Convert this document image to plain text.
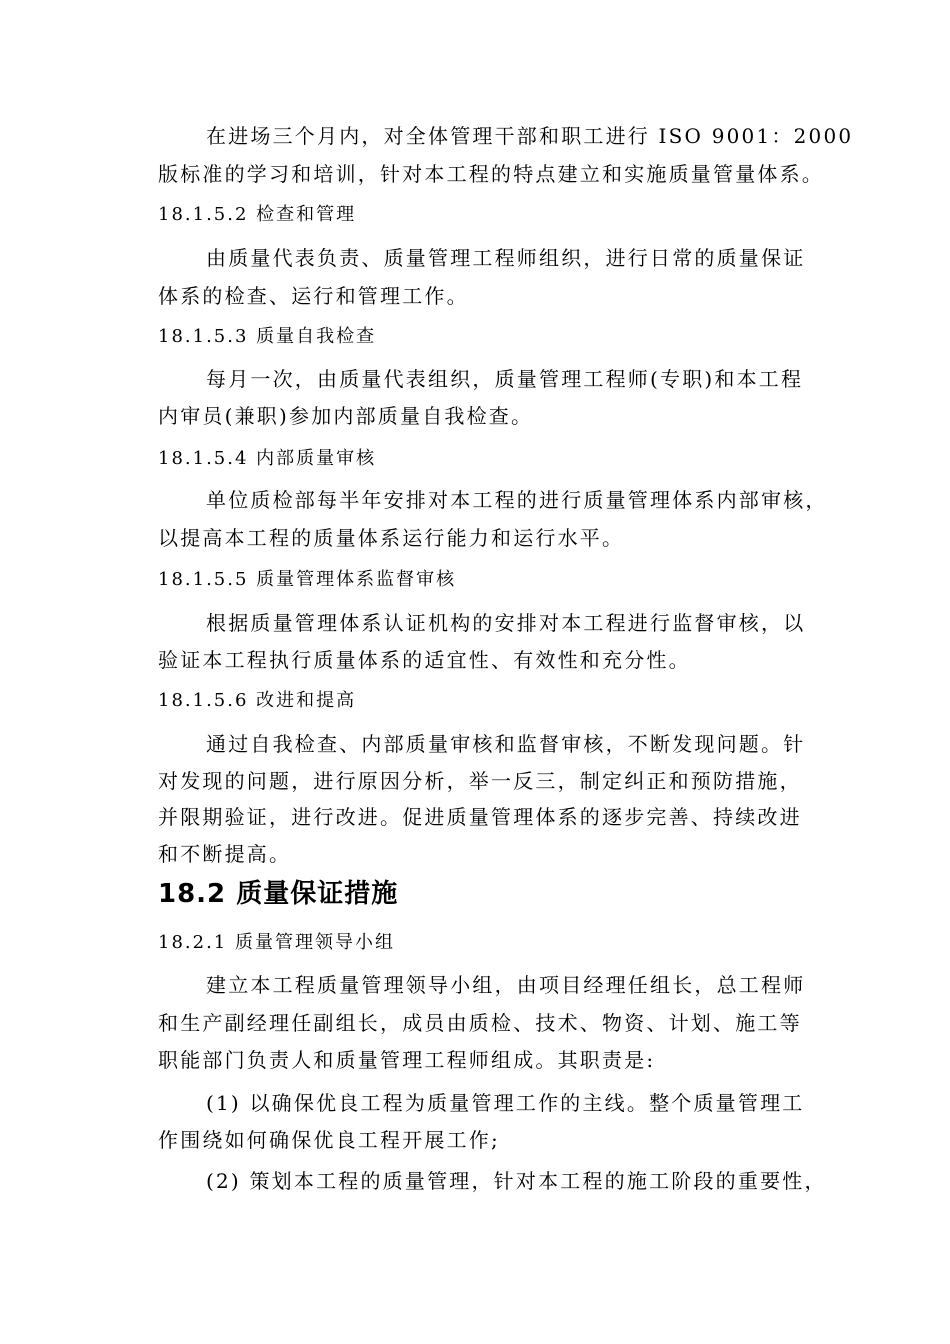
在进场三个月内，对全体管理干部和职工进行 ISO 9001：2000
版标准的学习和培训，针对本工程的特点建立和实施质量管量体系。
18.1.5.2 检查和管理
由质量代表负责、质量管理工程师组织，进行日常的质量保证
体系的检查、运行和管理工作。
18.1.5.3 质量自我检查
每月一次，由质量代表组织，质量管理工程师(专职)和本工程
内审员(兼职)参加内部质量自我检查。
18.1.5.4 内部质量审核
单位质检部每半年安排对本工程的进行质量管理体系内部审核，
以提高本工程的质量体系运行能力和运行水平。
18.1.5.5 质量管理体系监督审核
根据质量管理体系认证机构的安排对本工程进行监督审核，以
验证本工程执行质量体系的适宜性、有效性和充分性。
18.1.5.6 改进和提高
通过自我检查、内部质量审核和监督审核，不断发现问题。针
对发现的问题，进行原因分析，举一反三，制定纠正和预防措施，
并限期验证，进行改进。促进质量管理体系的逐步完善、持续改进
和不断提高。
18.2 质量保证措施
18.2.1 质量管理领导小组
建立本工程质量管理领导小组，由项目经理任组长，总工程师
和生产副经理任副组长，成员由质检、技术、物资、计划、施工等
职能部门负责人和质量管理工程师组成。其职责是:
(1) 以确保优良工程为质量管理工作的主线。整个质量管理工
作围绕如何确保优良工程开展工作;
(2) 策划本工程的质量管理，针对本工程的施工阶段的重要性，
